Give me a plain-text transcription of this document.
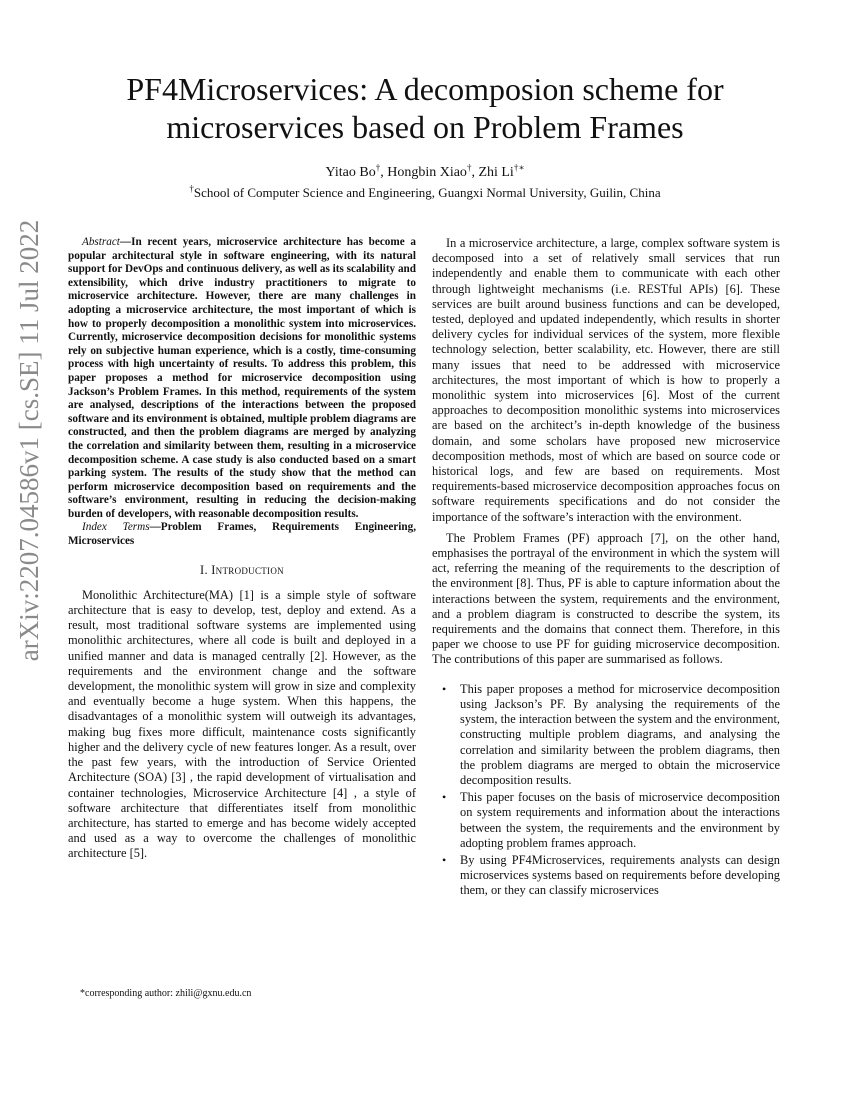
arXiv:2207.04586v1 [cs.SE] 11 Jul 2022
PF4Microservices: A decomposion scheme for microservices based on Problem Frames
Yitao Bo†, Hongbin Xiao†, Zhi Li†∗
†School of Computer Science and Engineering, Guangxi Normal University, Guilin, China

Abstract—In recent years, microservice architecture has become a popular architectural style in software engineering, with its natural support for DevOps and continuous delivery, as well as its scalability and extensibility, which drive industry practitioners to migrate to microservice architecture. However, there are many challenges in adopting a microservice architecture, the most important of which is how to properly decomposition a monolithic system into microservices. Currently, microservice decomposition decisions for monolithic systems rely on subjective human experience, which is a costly, time-consuming process with high uncertainty of results. To address this problem, this paper proposes a method for microservice decomposition using Jackson’s Problem Frames. In this method, requirements of the system are analysed, descriptions of the interactions between the proposed software and its environment is obtained, multiple problem diagrams are constructed, and then the problem diagrams are merged by analyzing the correlation and similarity between them, resulting in a microservice decomposition scheme. A case study is also conducted based on a smart parking system. The results of the study show that the method can perform microservice decomposition based on requirements and the software’s environment, resulting in reducing the decision-making burden of developers, with reasonable decomposition results.

Index Terms—Problem Frames, Requirements Engineering, Microservices

I. Introduction

Monolithic Architecture(MA) [1] is a simple style of software architecture that is easy to develop, test, deploy and extend. As a result, most traditional software systems are implemented using monolithic architectures, where all code is built and deployed in a unified manner and data is managed centrally [2]. However, as the requirements and the environment change and the software development, the monolithic system will grow in size and complexity and eventually become a huge system. When this happens, the disadvantages of a monolithic system will outweigh its advantages, making bug fixes more difficult, maintenance costs significantly higher and the delivery cycle of new features longer. As a result, over the past few years, with the introduction of Service Oriented Architecture (SOA) [3] , the rapid development of virtualisation and container technologies, Microservice Architecture [4] , a style of software architecture that differentiates itself from monolithic architecture, has started to emerge and has become widely accepted and used as a way to overcome the challenges of monolithic architecture [5].

*corresponding author: zhili@gxnu.edu.cn

In a microservice architecture, a large, complex software system is decomposed into a set of relatively small services that run independently and enable them to communicate with each other through lightweight mechanisms (i.e. RESTful APIs) [6]. These services are built around business functions and can be developed, tested, deployed and updated independently, which results in shorter delivery cycles for individual services of the system, more flexible technology selection, better scalability, etc. However, there are still many issues that need to be addressed with microservice architectures, the most important of which is how to properly a monolithic system into microservices [6]. Most of the current approaches to decomposition monolithic systems into microservices are based on the architect’s in-depth knowledge of the business domain, and some scholars have proposed new microservice decomposition methods, most of which are based on source code or historical logs, and few are based on requirements. Most requirements-based microservice decomposition approaches focus on software requirements specifications and do not consider the importance of the software’s interaction with the environment.

The Problem Frames (PF) approach [7], on the other hand, emphasises the portrayal of the environment in which the system will act, referring the meaning of the requirements to the description of the environment [8]. Thus, PF is able to capture information about the interactions between the system, requirements and the environment, and a problem diagram is constructed to describe the system, its requirements and the domains that connect them. Therefore, in this paper we choose to use PF for guiding microservice decomposition. The contributions of this paper are summarised as follows.

• This paper proposes a method for microservice decomposition using Jackson’s PF. By analysing the requirements of the system, the interaction between the system and the environment, constructing multiple problem diagrams, and analysing the correlation and similarity between the problem diagrams, then the problem diagrams are merged to obtain the microservice decomposition results.
• This paper focuses on the basis of microservice decomposition on system requirements and information about the interactions between the system, the requirements and the environment by adopting problem frames approach.
• By using PF4Microservices, requirements analysts can design microservices systems based on requirements before developing them, or they can classify microservices
